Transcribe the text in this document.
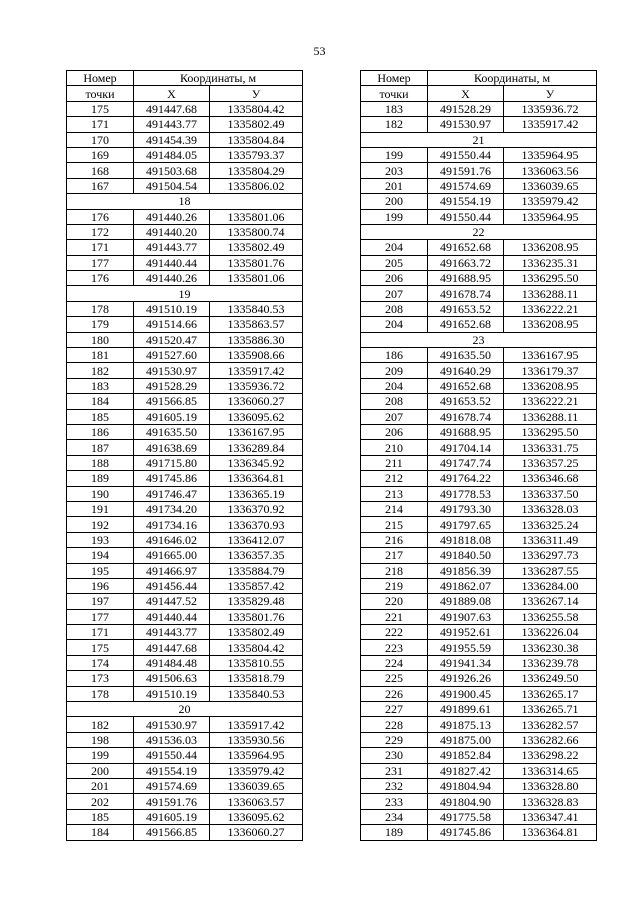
53
Номер	Координаты, м	
точки	X	У
175	491447.68	1335804.42
171	491443.77	1335802.49
170	491454.39	1335804.84
169	491484.05	1335793.37
168	491503.68	1335804.29
167	491504.54	1335806.02
18		
176	491440.26	1335801.06
172	491440.20	1335800.74
171	491443.77	1335802.49
177	491440.44	1335801.76
176	491440.26	1335801.06
19		
178	491510.19	1335840.53
179	491514.66	1335863.57
180	491520.47	1335886.30
181	491527.60	1335908.66
182	491530.97	1335917.42
183	491528.29	1335936.72
184	491566.85	1336060.27
185	491605.19	1336095.62
186	491635.50	1336167.95
187	491638.69	1336289.84
188	491715.80	1336345.92
189	491745.86	1336364.81
190	491746.47	1336365.19
191	491734.20	1336370.92
192	491734.16	1336370.93
193	491646.02	1336412.07
194	491665.00	1336357.35
195	491466.97	1335884.79
196	491456.44	1335857.42
197	491447.52	1335829.48
177	491440.44	1335801.76
171	491443.77	1335802.49
175	491447.68	1335804.42
174	491484.48	1335810.55
173	491506.63	1335818.79
178	491510.19	1335840.53
20		
182	491530.97	1335917.42
198	491536.03	1335930.56
199	491550.44	1335964.95
200	491554.19	1335979.42
201	491574.69	1336039.65
202	491591.76	1336063.57
185	491605.19	1336095.62
184	491566.85	1336060.27
Номер	Координаты, м	
точки	X	У
183	491528.29	1335936.72
182	491530.97	1335917.42
21		
199	491550.44	1335964.95
203	491591.76	1336063.56
201	491574.69	1336039.65
200	491554.19	1335979.42
199	491550.44	1335964.95
22		
204	491652.68	1336208.95
205	491663.72	1336235.31
206	491688.95	1336295.50
207	491678.74	1336288.11
208	491653.52	1336222.21
204	491652.68	1336208.95
23		
186	491635.50	1336167.95
209	491640.29	1336179.37
204	491652.68	1336208.95
208	491653.52	1336222.21
207	491678.74	1336288.11
206	491688.95	1336295.50
210	491704.14	1336331.75
211	491747.74	1336357.25
212	491764.22	1336346.68
213	491778.53	1336337.50
214	491793.30	1336328.03
215	491797.65	1336325.24
216	491818.08	1336311.49
217	491840.50	1336297.73
218	491856.39	1336287.55
219	491862.07	1336284.00
220	491889.08	1336267.14
221	491907.63	1336255.58
222	491952.61	1336226.04
223	491955.59	1336230.38
224	491941.34	1336239.78
225	491926.26	1336249.50
226	491900.45	1336265.17
227	491899.61	1336265.71
228	491875.13	1336282.57
229	491875.00	1336282.66
230	491852.84	1336298.22
231	491827.42	1336314.65
232	491804.94	1336328.80
233	491804.90	1336328.83
234	491775.58	1336347.41
189	491745.86	1336364.81
